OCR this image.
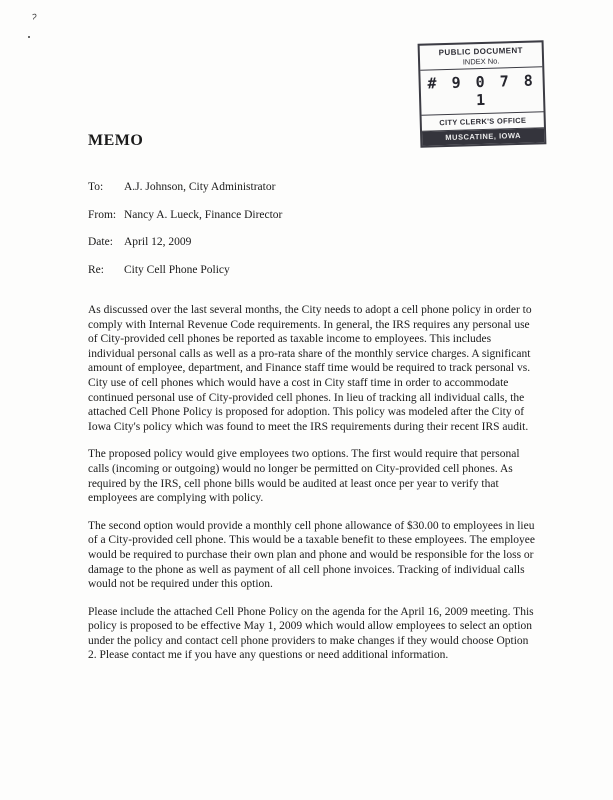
PUBLIC DOCUMENT
INDEX No.
# 9 0 7 8 1
CITY CLERK'S OFFICE
MUSCATINE, IOWA
MEMO
To:	A.J. Johnson, City Administrator
From: Nancy A. Lueck, Finance Director
Date: April 12, 2009
Re:	City Cell Phone Policy

As discussed over the last several months, the City needs to adopt a cell phone policy in order to comply with Internal Revenue Code requirements. In general, the IRS requires any personal use of City-provided cell phones be reported as taxable income to employees. This includes individual personal calls as well as a pro-rata share of the monthly service charges. A significant amount of employee, department, and Finance staff time would be required to track personal vs. City use of cell phones which would have a cost in City staff time in order to accommodate continued personal use of City-provided cell phones. In lieu of tracking all individual calls, the attached Cell Phone Policy is proposed for adoption. This policy was modeled after the City of Iowa City's policy which was found to meet the IRS requirements during their recent IRS audit.

The proposed policy would give employees two options. The first would require that personal calls (incoming or outgoing) would no longer be permitted on City-provided cell phones. As required by the IRS, cell phone bills would be audited at least once per year to verify that employees are complying with policy.

The second option would provide a monthly cell phone allowance of $30.00 to employees in lieu of a City-provided cell phone. This would be a taxable benefit to these employees. The employee would be required to purchase their own plan and phone and would be responsible for the loss or damage to the phone as well as payment of all cell phone invoices. Tracking of individual calls would not be required under this option.

Please include the attached Cell Phone Policy on the agenda for the April 16, 2009 meeting. This policy is proposed to be effective May 1, 2009 which would allow employees to select an option under the policy and contact cell phone providers to make changes if they would choose Option 2. Please contact me if you have any questions or need additional information.
